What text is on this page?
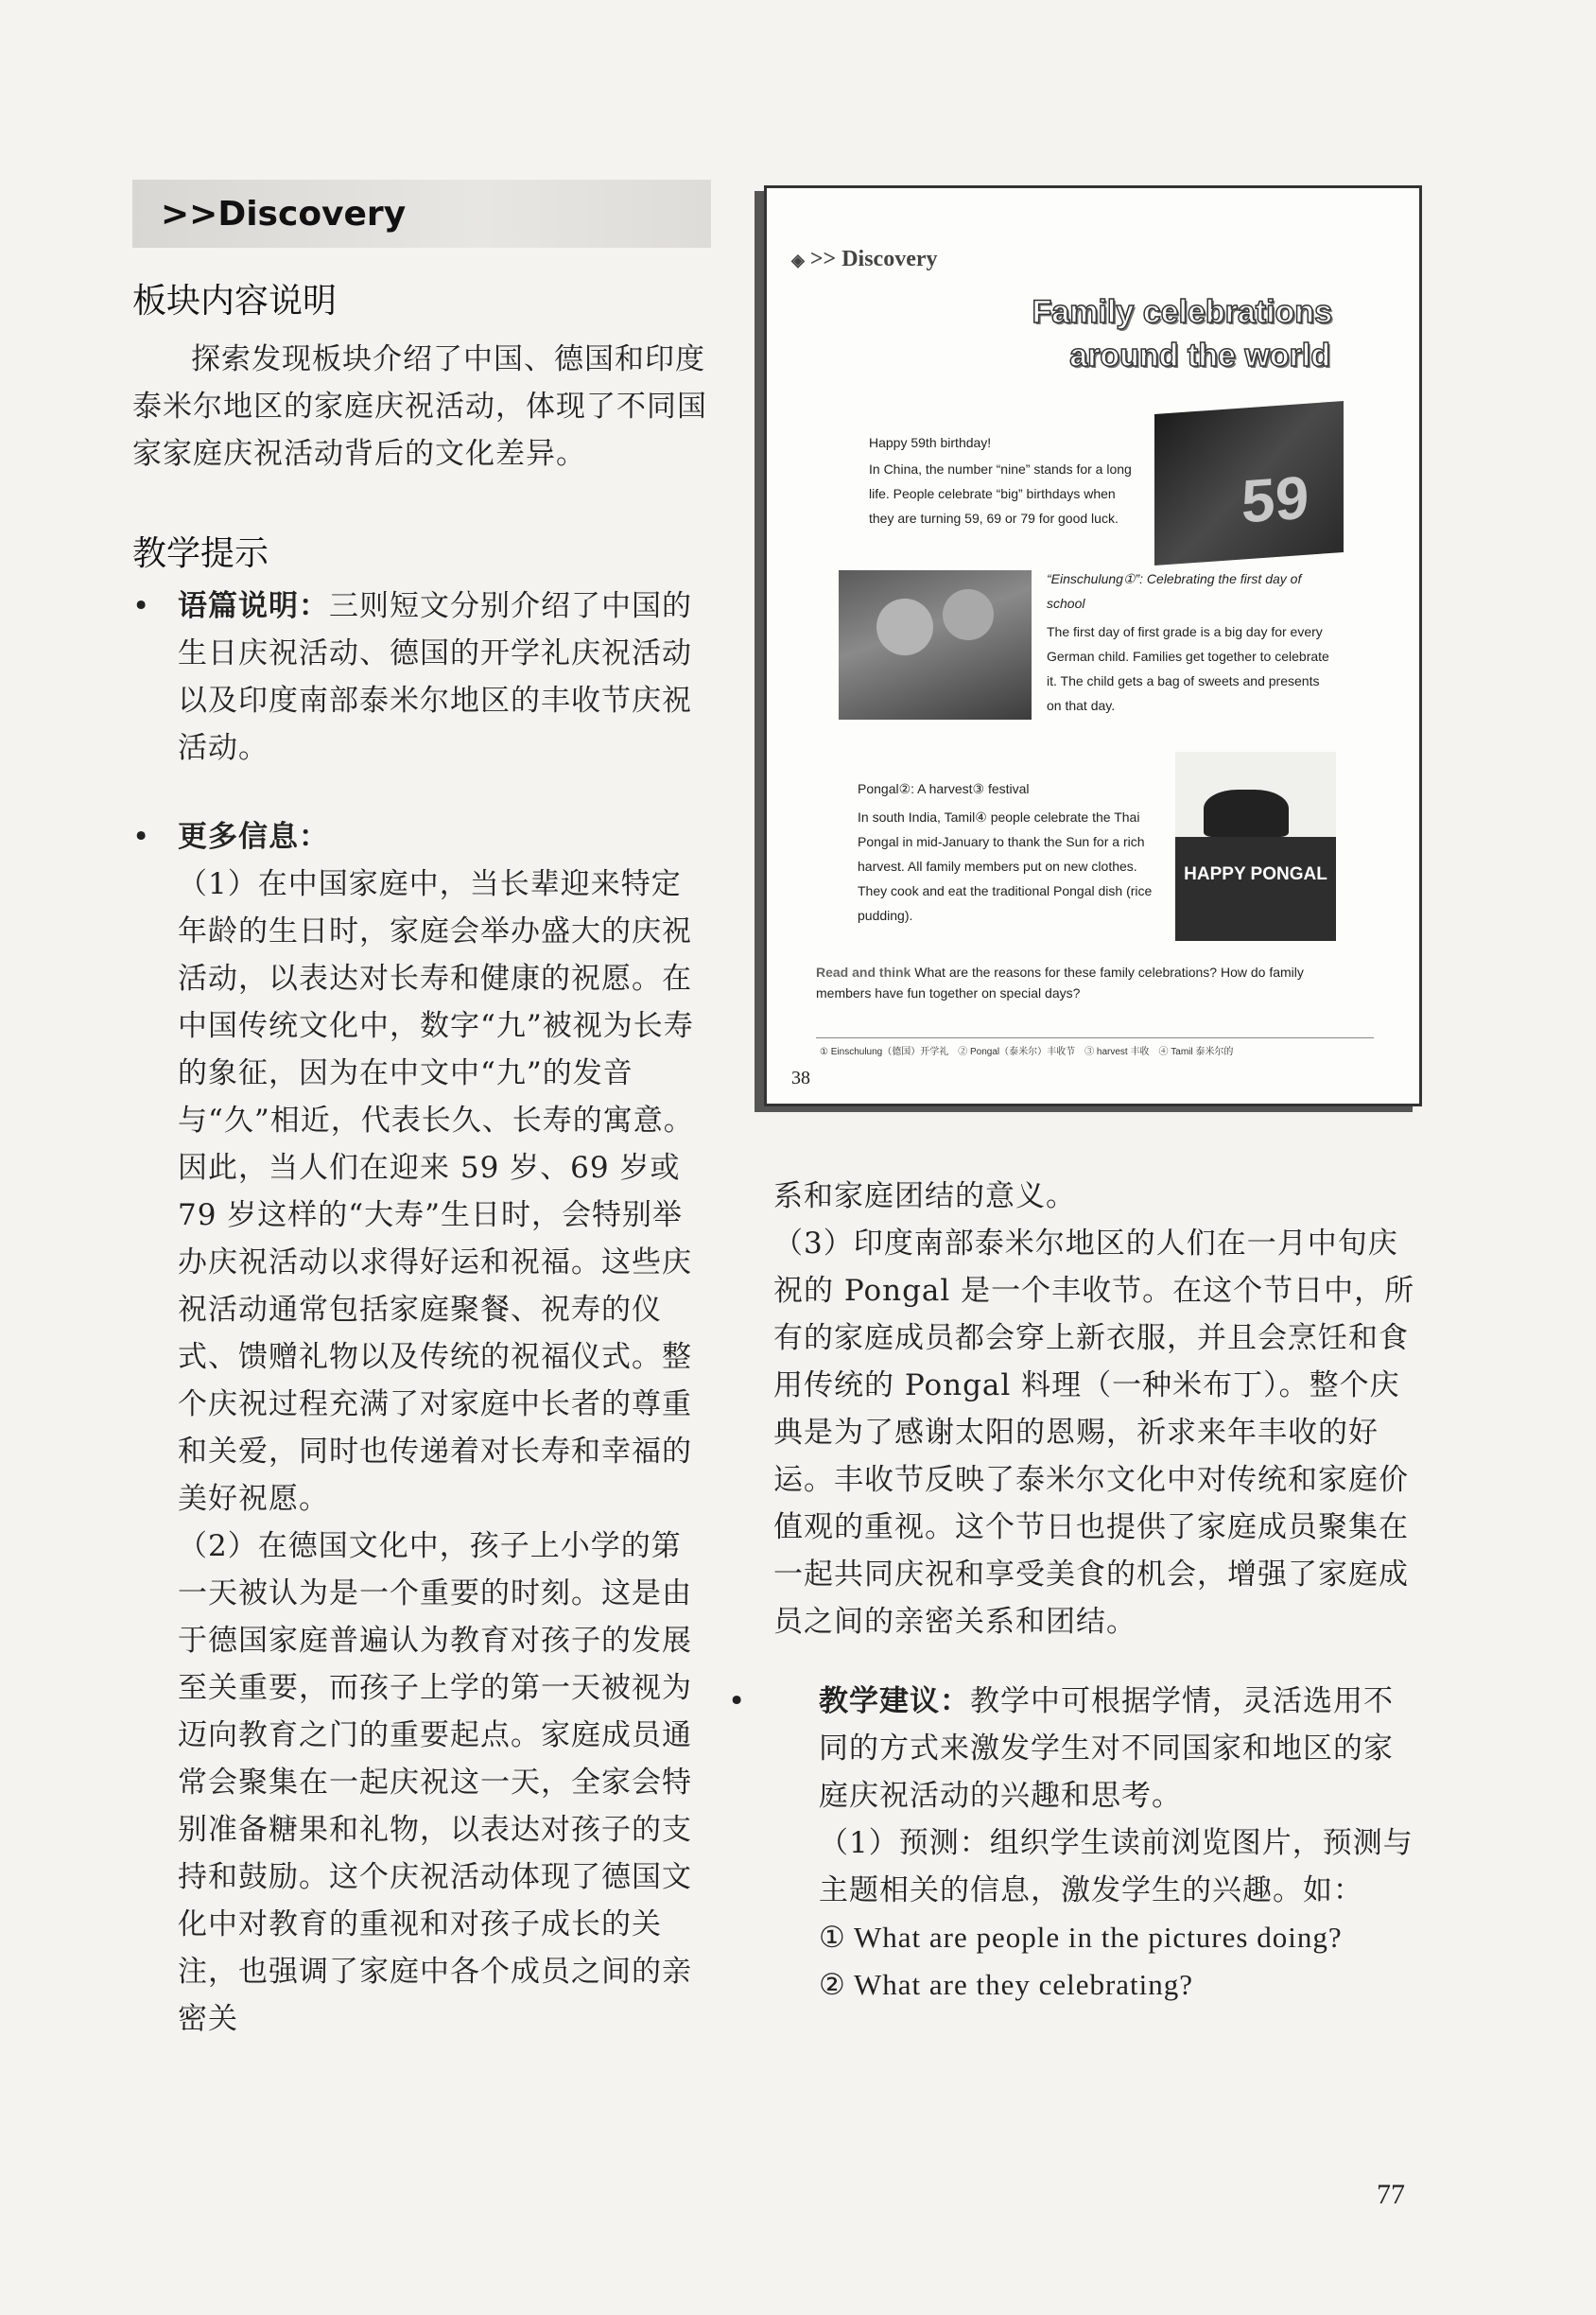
>>Discovery
板块内容说明

探索发现板块介绍了中国、德国和印度泰米尔地区的家庭庆祝活动，体现了不同国家家庭庆祝活动背后的文化差异。

教学提示
• 语篇说明：三则短文分别介绍了中国的生日庆祝活动、德国的开学礼庆祝活动以及印度南部泰米尔地区的丰收节庆祝活动。

• 更多信息：

（1）在中国家庭中，当长辈迎来特定年龄的生日时，家庭会举办盛大的庆祝活动，以表达对长寿和健康的祝愿。在中国传统文化中，数字“九”被视为长寿的象征，因为在中文中“九”的发音与“久”相近，代表长久、长寿的寓意。因此，当人们在迎来 59 岁、69 岁或 79 岁这样的“大寿”生日时，会特别举办庆祝活动以求得好运和祝福。这些庆祝活动通常包括家庭聚餐、祝寿的仪式、馈赠礼物以及传统的祝福仪式。整个庆祝过程充满了对家庭中长者的尊重和关爱，同时也传递着对长寿和幸福的美好祝愿。

（2）在德国文化中，孩子上小学的第一天被认为是一个重要的时刻。这是由于德国家庭普遍认为教育对孩子的发展至关重要，而孩子上学的第一天被视为迈向教育之门的重要起点。家庭成员通常会聚集在一起庆祝这一天，全家会特别准备糖果和礼物，以表达对孩子的支持和鼓励。这个庆祝活动体现了德国文化中对教育的重视和对孩子成长的关注，也强调了家庭中各个成员之间的亲密关

◈ >> Discovery
Family celebrations
around the world
Happy 59th birthday!
In China, the number “nine” stands for a long life. People celebrate “big” birthdays when they are turning 59, 69 or 79 for good luck.	59
“Einschulung①”: Celebrating the first day of school
The first day of first grade is a big day for every German child. Families get together to celebrate it. The child gets a bag of sweets and presents on that day.
Pongal②: A harvest③ festival
In south India, Tamil④ people celebrate the Thai Pongal in mid-January to thank the Sun for a rich harvest. All family members put on new clothes. They cook and eat the traditional Pongal dish (rice pudding).
HAPPY PONGAL
Read and think What are the reasons for these family celebrations? How do family members have fun together on special days?
① Einschulung（德国）开学礼　② Pongal（泰米尔）丰收节　③ harvest 丰收　④ Tamil 泰米尔的
38

系和家庭团结的意义。

（3）印度南部泰米尔地区的人们在一月中旬庆祝的 Pongal 是一个丰收节。在这个节日中，所有的家庭成员都会穿上新衣服，并且会烹饪和食用传统的 Pongal 料理（一种米布丁）。整个庆典是为了感谢太阳的恩赐，祈求来年丰收的好运。丰收节反映了泰米尔文化中对传统和家庭价值观的重视。这个节日也提供了家庭成员聚集在一起共同庆祝和享受美食的机会，增强了家庭成员之间的亲密关系和团结。

•	教学建议：教学中可根据学情，灵活选用不同的方式来激发学生对不同国家和地区的家庭庆祝活动的兴趣和思考。

（1）预测：组织学生读前浏览图片，预测与主题相关的信息，激发学生的兴趣。如：

① What are people in the pictures doing?

② What are they celebrating?

77
